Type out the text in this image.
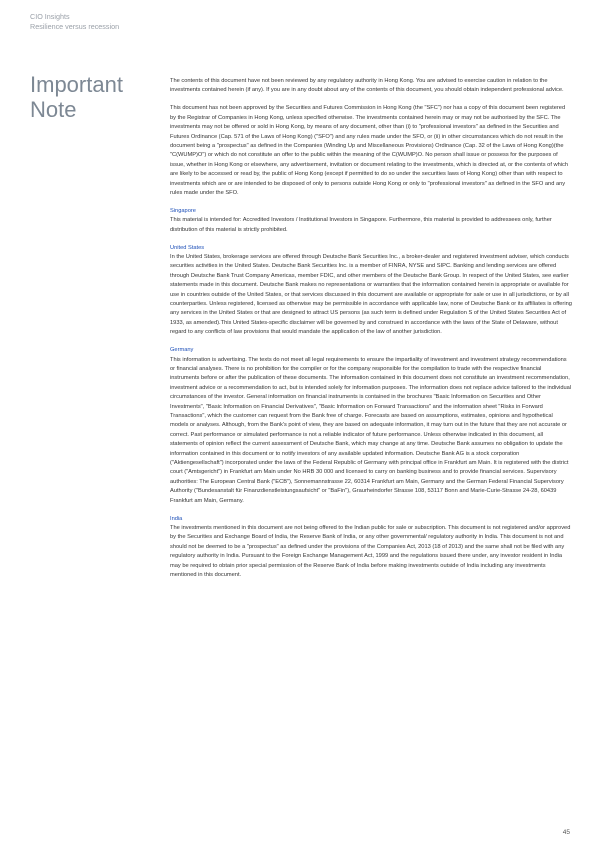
CIO Insights
Resilience versus recession
Important Note

The contents of this document have not been reviewed by any regulatory authority in Hong Kong. You are advised to exercise caution in relation to the investments contained herein (if any). If you are in any doubt about any of the contents of this document, you should obtain independent professional advice.

This document has not been approved by the Securities and Futures Commission in Hong Kong (the "SFC") nor has a copy of this document been registered by the Registrar of Companies in Hong Kong, unless specified otherwise. The investments contained herein may or may not be authorised by the SFC. The investments may not be offered or sold in Hong Kong, by means of any document, other than (i) to "professional investors" as defined in the Securities and Futures Ordinance (Cap. 571 of the Laws of Hong Kong) ("SFO") and any rules made under the SFO, or (ii) in other circumstances which do not result in the document being a "prospectus" as defined in the Companies (Winding Up and Miscellaneous Provisions) Ordinance (Cap. 32 of the Laws of Hong Kong)(the "C(WUMP)O") or which do not constitute an offer to the public within the meaning of the C(WUMP)O. No person shall issue or possess for the purposes of issue, whether in Hong Kong or elsewhere, any advertisement, invitation or document relating to the investments, which is directed at, or the contents of which are likely to be accessed or read by, the public of Hong Kong (except if permitted to do so under the securities laws of Hong Kong) other than with respect to investments which are or are intended to be disposed of only to persons outside Hong Kong or only to "professional investors" as defined in the SFO and any rules made under the SFO.

Singapore

This material is intended for: Accredited Investors / Institutional Investors in Singapore. Furthermore, this material is provided to addressees only, further distribution of this material is strictly prohibited.

United States

In the United States, brokerage services are offered through Deutsche Bank Securities Inc., a broker-dealer and registered investment adviser, which conducts securities activities in the United States. Deutsche Bank Securities Inc. is a member of FINRA, NYSE and SIPC. Banking and lending services are offered through Deutsche Bank Trust Company Americas, member FDIC, and other members of the Deutsche Bank Group. In respect of the United States, see earlier statements made in this document. Deutsche Bank makes no representations or warranties that the information contained herein is appropriate or available for use in countries outside of the United States, or that services discussed in this document are available or appropriate for sale or use in all jurisdictions, or by all counterparties. Unless registered, licensed as otherwise may be permissible in accordance with applicable law, none of Deutsche Bank or its affiliates is offering any services in the United States or that are designed to attract US persons (as such term is defined under Regulation S of the United States Securities Act of 1933, as amended).This United States-specific disclaimer will be governed by and construed in accordance with the laws of the State of Delaware, without regard to any conflicts of law provisions that would mandate the application of the law of another jurisdiction.

Germany

This information is advertising. The texts do not meet all legal requirements to ensure the impartiality of investment and investment strategy recommendations or financial analyses. There is no prohibition for the compiler or for the company responsible for the compilation to trade with the respective financial instruments before or after the publication of these documents. The information contained in this document does not constitute an investment recommendation, investment advice or a recommendation to act, but is intended solely for information purposes. The information does not replace advice tailored to the individual circumstances of the investor. General information on financial instruments is contained in the brochures "Basic Information on Securities and Other Investments", "Basic Information on Financial Derivatives", "Basic Information on Forward Transactions" and the information sheet "Risks in Forward Transactions", which the customer can request from the Bank free of charge. Forecasts are based on assumptions, estimates, opinions and hypothetical models or analyses. Although, from the Bank's point of view, they are based on adequate information, it may turn out in the future that they are not accurate or correct. Past performance or simulated performance is not a reliable indicator of future performance. Unless otherwise indicated in this document, all statements of opinion reflect the current assessment of Deutsche Bank, which may change at any time. Deutsche Bank assumes no obligation to update the information contained in this document or to notify investors of any available updated information. Deutsche Bank AG is a stock corporation ("Aktiengesellschaft") incorporated under the laws of the Federal Republic of Germany with principal office in Frankfurt am Main. It is registered with the district court ("Amtsgericht") in Frankfurt am Main under No HRB 30 000 and licensed to carry on banking business and to provide financial services. Supervisory authorities: The European Central Bank ("ECB"), Sonnemannstrasse 22, 60314 Frankfurt am Main, Germany and the German Federal Financial Supervisory Authority ("Bundesanstalt für Finanzdienstleistungsaufsicht" or "BaFin"), Graurheindorfer Strasse 108, 53117 Bonn and Marie-Curie-Strasse 24-28, 60439 Frankfurt am Main, Germany.

India

The investments mentioned in this document are not being offered to the Indian public for sale or subscription. This document is not registered and/or approved by the Securities and Exchange Board of India, the Reserve Bank of India, or any other governmental/ regulatory authority in India. This document is not and should not be deemed to be a "prospectus" as defined under the provisions of the Companies Act, 2013 (18 of 2013) and the same shall not be filed with any regulatory authority in India. Pursuant to the Foreign Exchange Management Act, 1999 and the regulations issued there under, any investor resident in India may be required to obtain prior special permission of the Reserve Bank of India before making investments outside of India including any investments mentioned in this document.

45
